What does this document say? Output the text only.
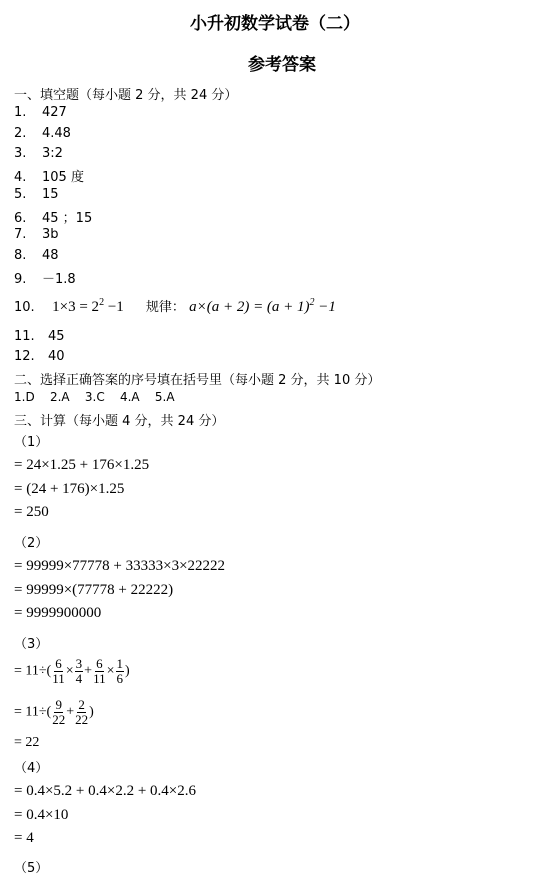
小升初数学试卷（二）
参考答案
一、填空题（每小题 2 分，共 24 分）
1. 427
2. 4.48
3. 3:2
4. 105 度
5. 15
6. 45 ；15
7. 3b
8. 48
9. －1.8
10. $1\times 3 = 2^2 -1$ 规律： $a\times(a + 2) = (a + 1)^2 -1$
11. 45
12. 40
二、选择正确答案的序号填在括号里（每小题 2 分，共 10 分）
1.D    2.A    3.C    4.A    5.A
三、计算（每小题 4 分，共 24 分）
（1）
= 24×1.25 + 176×1.25
= (24 + 176)×1.25
= 250
（2）
= 99999×77778 + 33333×3×22222
= 99999×(77778 + 22222)
= 9999900000
（3）
= $11\div( \frac{6}{11} \times \frac{3}{4} + \frac{6}{11} \times \frac{1}{6}$ )
= $11\div( \frac{9}{22} + \frac{2}{22}$ )
= 22
（4）
= 0.4×5.2 + 0.4×2.2 + 0.4×2.6
= 0.4×10
= 4
（5）
